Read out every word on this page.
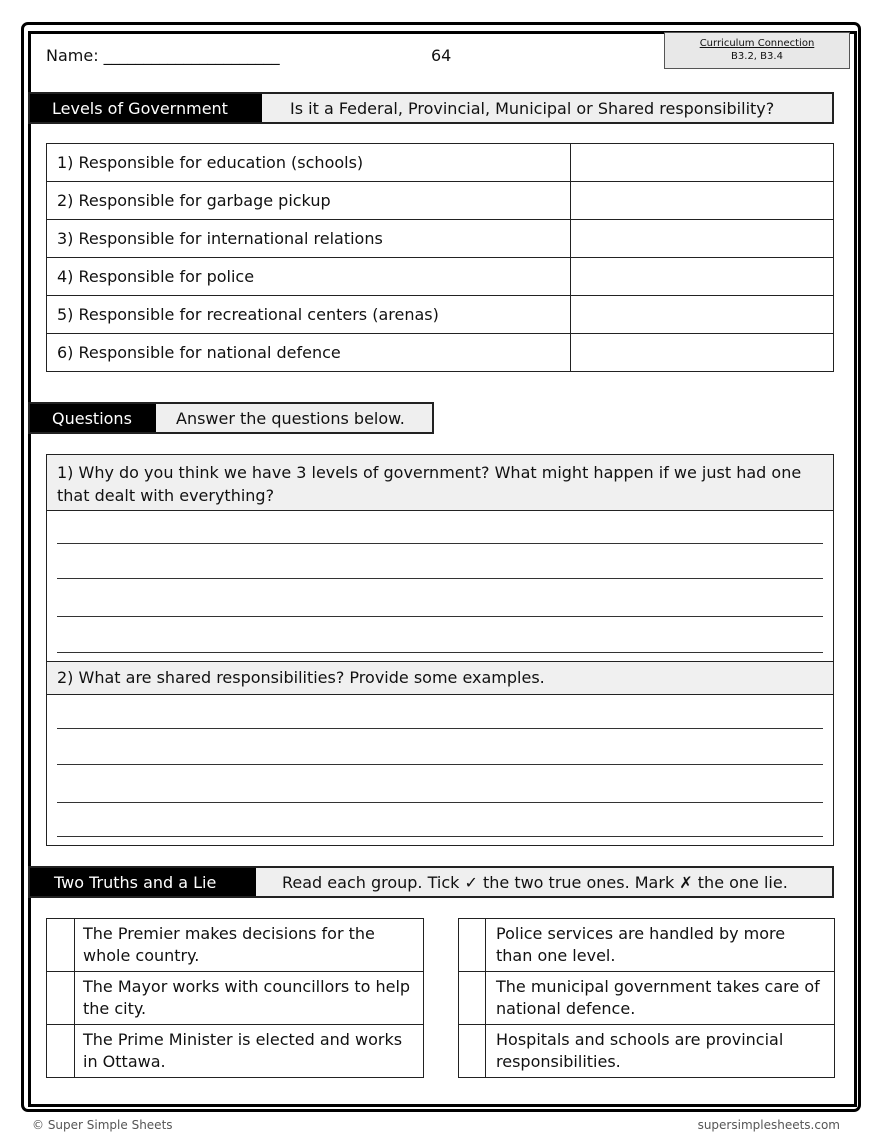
Name: ______________________	64
Curriculum Connection
B3.2, B3.4
Levels of Government	Is it a Federal, Provincial, Municipal or Shared responsibility?
1) Responsible for education (schools)	
2) Responsible for garbage pickup	
3) Responsible for international relations	
4) Responsible for police	
5) Responsible for recreational centers (arenas)	
6) Responsible for national defence	
Questions	Answer the questions below.
1) Why do you think we have 3 levels of government? What might happen if we just had one that dealt with everything?
2) What are shared responsibilities? Provide some examples.
Two Truths and a Lie	Read each group. Tick ✓ the two true ones. Mark ✗ the one lie.
	The Premier makes decisions for the whole country.
	The Mayor works with councillors to help the city.
	The Prime Minister is elected and works in Ottawa.
	Police services are handled by more than one level.
	The municipal government takes care of national defence.
	Hospitals and schools are provincial responsibilities.
© Super Simple Sheets	supersimplesheets.com
